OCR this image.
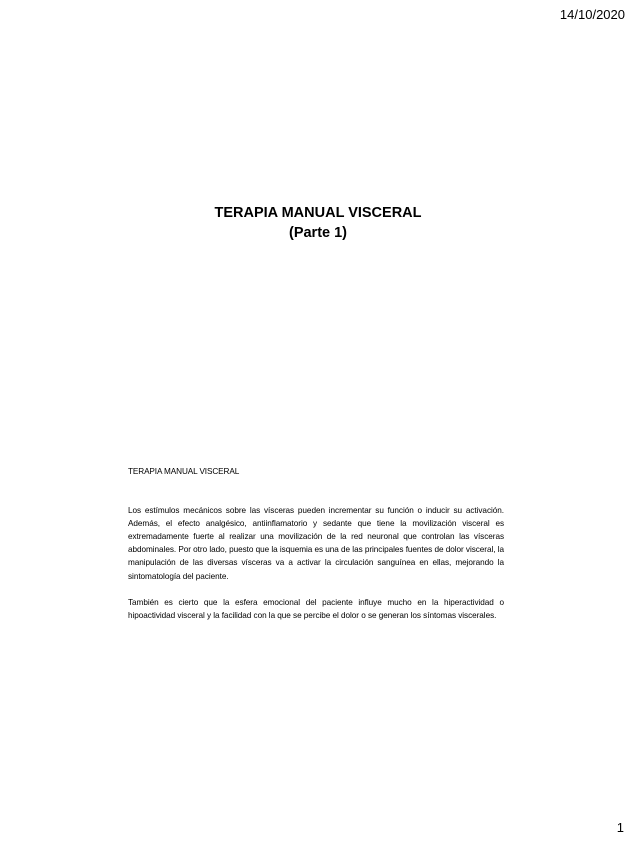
14/10/2020
TERAPIA MANUAL VISCERAL
(Parte 1)

TERAPIA MANUAL VISCERAL

Los estímulos mecánicos sobre las vísceras pueden incrementar su función o inducir su activación. Además, el efecto analgésico, antiinflamatorio y sedante que tiene la movilización visceral es extremadamente fuerte al realizar una movilización de la red neuronal que controlan las vísceras abdominales. Por otro lado, puesto que la isquemia es una de las principales fuentes de dolor visceral, la manipulación de las diversas vísceras va a activar la circulación sanguínea en ellas, mejorando la sintomatología del paciente.

También es cierto que la esfera emocional del paciente influye mucho en la hiperactividad o hipoactividad visceral y la facilidad con la que se percibe el dolor o se generan los síntomas viscerales.

1
